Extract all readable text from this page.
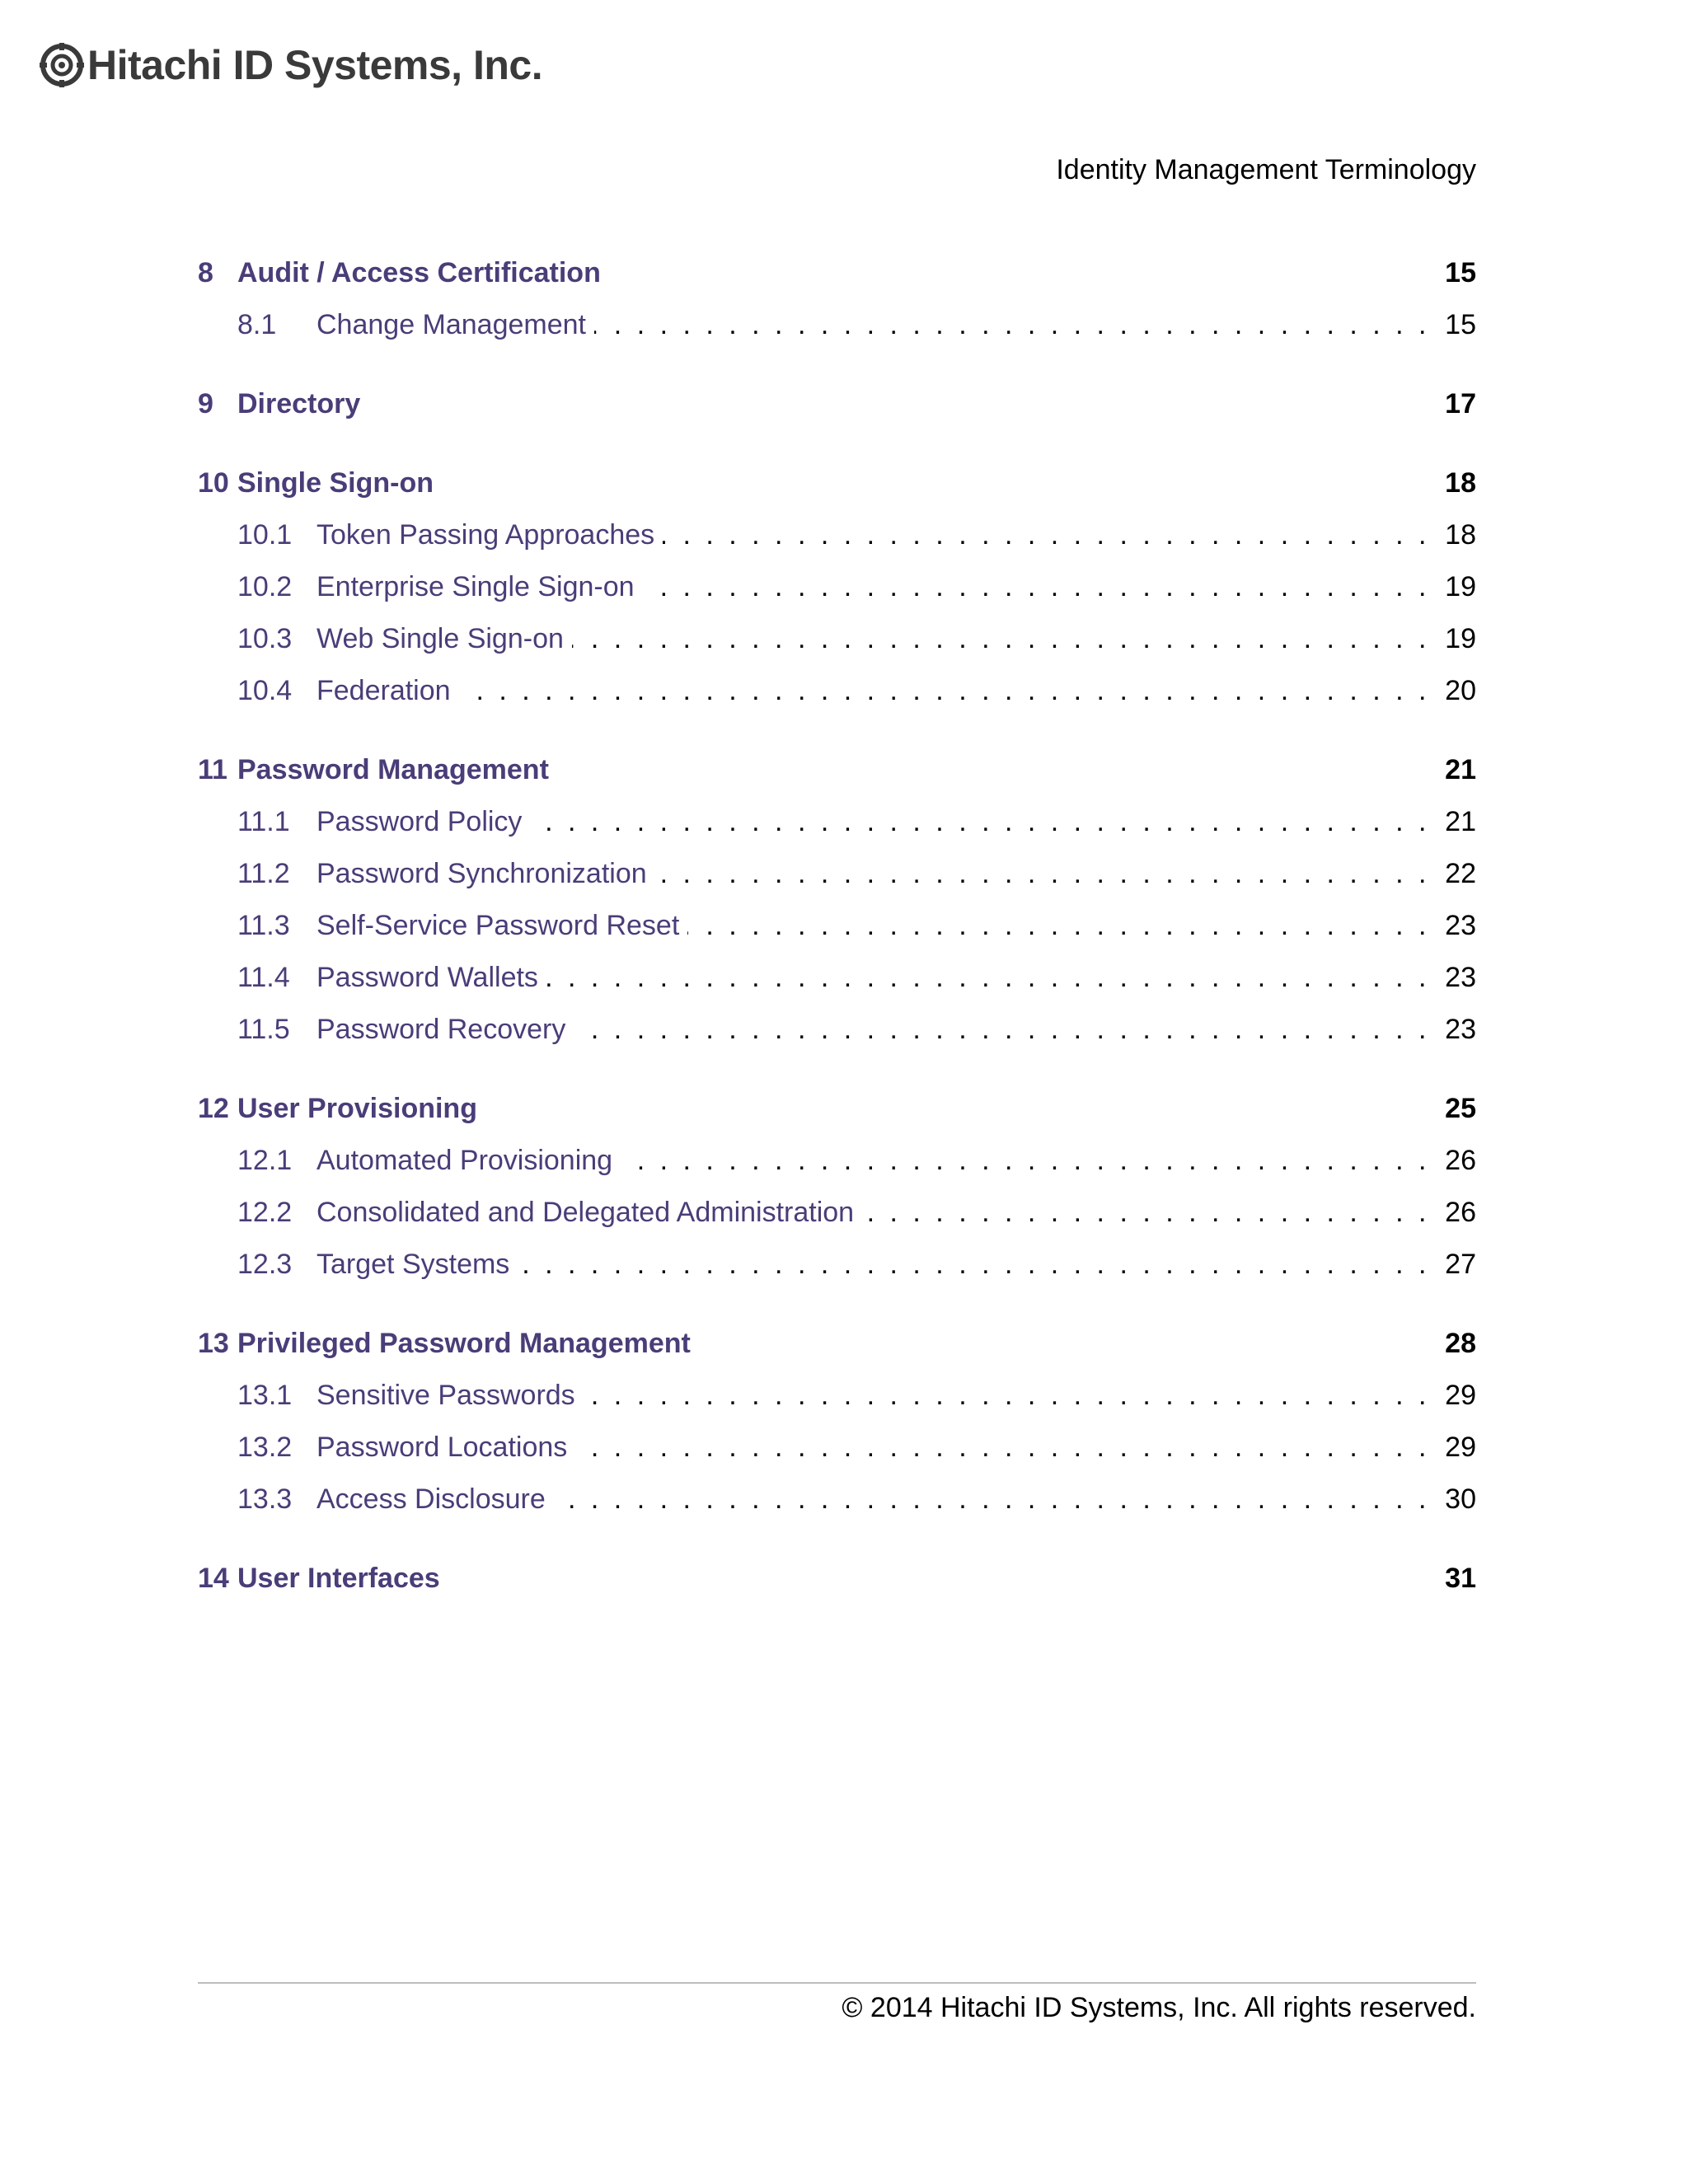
Hitachi ID Systems, Inc.
Identity Management Terminology
8 Audit / Access Certification	15
8.1	Change Management . . .	15
9 Directory	17
10 Single Sign-on	18
10.1 Token Passing Approaches . . .	18
10.2 Enterprise Single Sign-on . . .	19
10.3 Web Single Sign-on . . .	19
10.4 Federation . . .	20
11 Password Management	21
11.1 Password Policy . . .	21
11.2 Password Synchronization . . .	22
11.3 Self-Service Password Reset . . .	23
11.4 Password Wallets . . .	23
11.5 Password Recovery . . .	23
12 User Provisioning	25
12.1 Automated Provisioning . . .	26
12.2 Consolidated and Delegated Administration . . .	26
12.3 Target Systems . . .	27
13 Privileged Password Management	28
13.1 Sensitive Passwords . . .	29
13.2 Password Locations . . .	29
13.3 Access Disclosure . . .	30
14 User Interfaces	31
© 2014 Hitachi ID Systems, Inc. All rights reserved.
